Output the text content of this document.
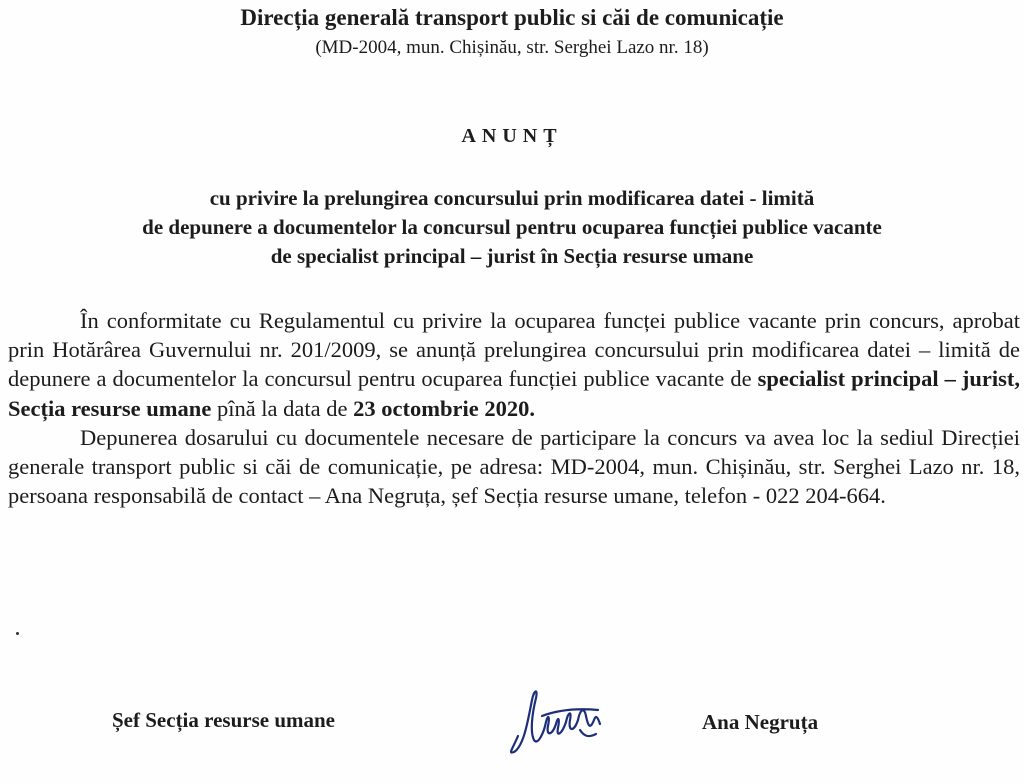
Direcția generală transport public si căi de comunicație

(MD-2004, mun. Chișinău, str. Serghei Lazo nr. 18)

ANUNȚ

cu privire la prelungirea concursului prin modificarea datei - limită
de depunere a documentelor la concursul pentru ocuparea funcției publice vacante
de specialist principal – jurist în Secția resurse umane

În conformitate cu Regulamentul cu privire la ocuparea funcței publice vacante prin concurs, aprobat prin Hotărârea Guvernului nr. 201/2009, se anunță prelungirea concursului prin modificarea datei – limită de depunere a documentelor la concursul pentru ocuparea funcției publice vacante de specialist principal – jurist, Secția resurse umane pînă la data de 23 octombrie 2020.

Depunerea dosarului cu documentele necesare de participare la concurs va avea loc la sediul Direcției generale transport public si căi de comunicație, pe adresa: MD-2004, mun. Chișinău, str. Serghei Lazo nr. 18, persoana responsabilă de contact – Ana Negruța, șef Secția resurse umane, telefon - 022 204-664.

Șef Secția resurse umane	Ana Negruța
